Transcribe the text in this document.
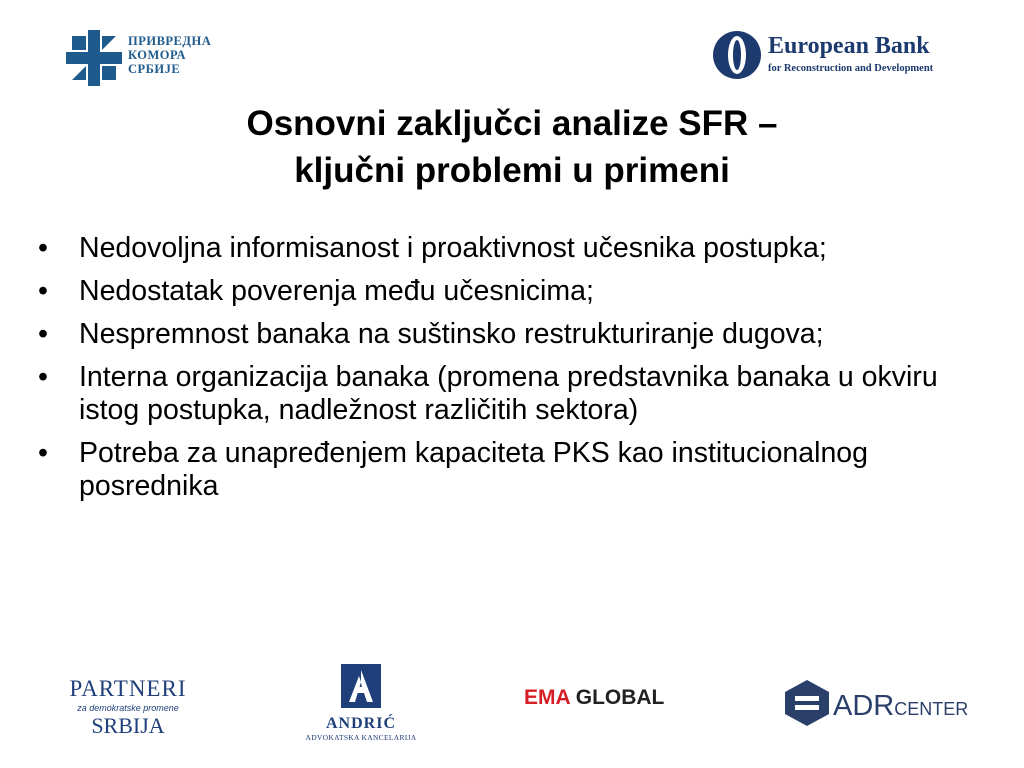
ПРИВРЕДНА
КОМОРА
СРБИЈЕ
European Bank
for Reconstruction and Development
Osnovni zaključci analize SFR –
ključni problemi u primeni
• Nedovoljna informisanost i proaktivnost učesnika postupka;
• Nedostatak poverenja među učesnicima;
• Nespremnost banaka na suštinsko restrukturiranje dugova;
• Interna organizacija banaka (promena predstavnika banaka u okviru istog postupka, nadležnost različitih sektora)
• Potreba za unapređenjem kapaciteta PKS kao institucionalnog posrednika
PARTNERI
za demokratske promene
SRBIJA	ANDRIĆ
ADVOKATSKA KANCELARIJA
EMA GLOBAL	ADRCENTER
